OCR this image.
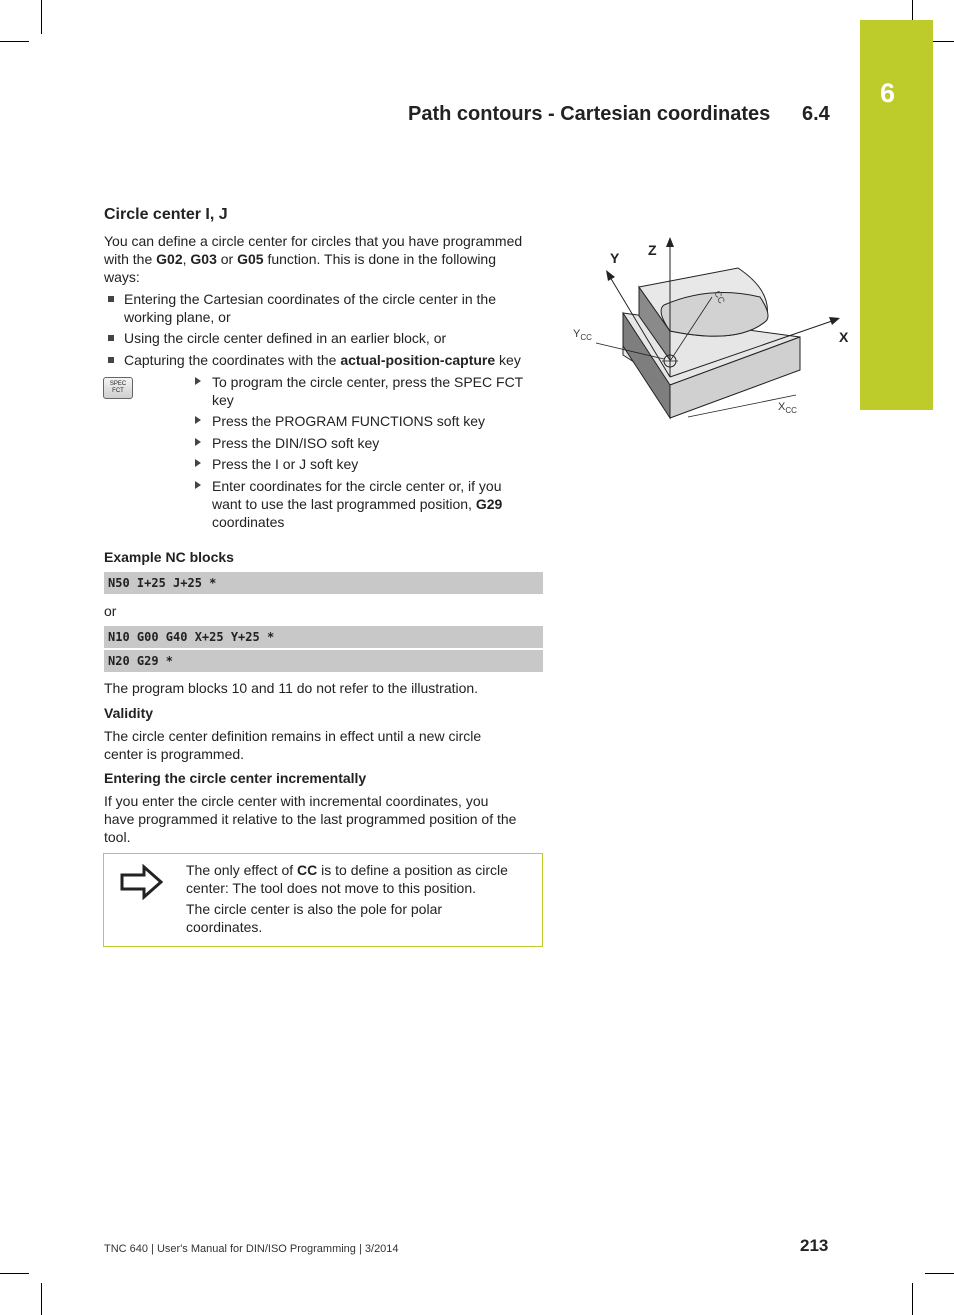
6
Path contours - Cartesian coordinates 6.4
Circle center I, J
You can define a circle center for circles that you have programmed
with the G02, G03 or G05 function. This is done in the following
ways:
Entering the Cartesian coordinates of the circle center in the
working plane, or
Using the circle center defined in an earlier block, or
Capturing the coordinates with the actual-position-capture key
SPEC
FCT
To program the circle center, press the SPEC FCT
key
Press the PROGRAM FUNCTIONS soft key
Press the DIN/ISO soft key
Press the I or J soft key
Enter coordinates for the circle center or, if you
want to use the last programmed position, G29
coordinates
Example NC blocks
N50 I+25 J+25 *
or
N10 G00 G40 X+25 Y+25 *
N20 G29 *
The program blocks 10 and 11 do not refer to the illustration.
Validity
The circle center definition remains in effect until a new circle
center is programmed.
Entering the circle center incrementally
If you enter the circle center with incremental coordinates, you
have programmed it relative to the last programmed position of the
tool.
The only effect of CC is to define a position as circle
center: The tool does not move to this position.
The circle center is also the pole for polar
coordinates.
Z
Y
X
CC
$Y_{CC}$
$X_{CC}$
TNC 640 | User's Manual for DIN/ISO Programming | 3/2014	213
